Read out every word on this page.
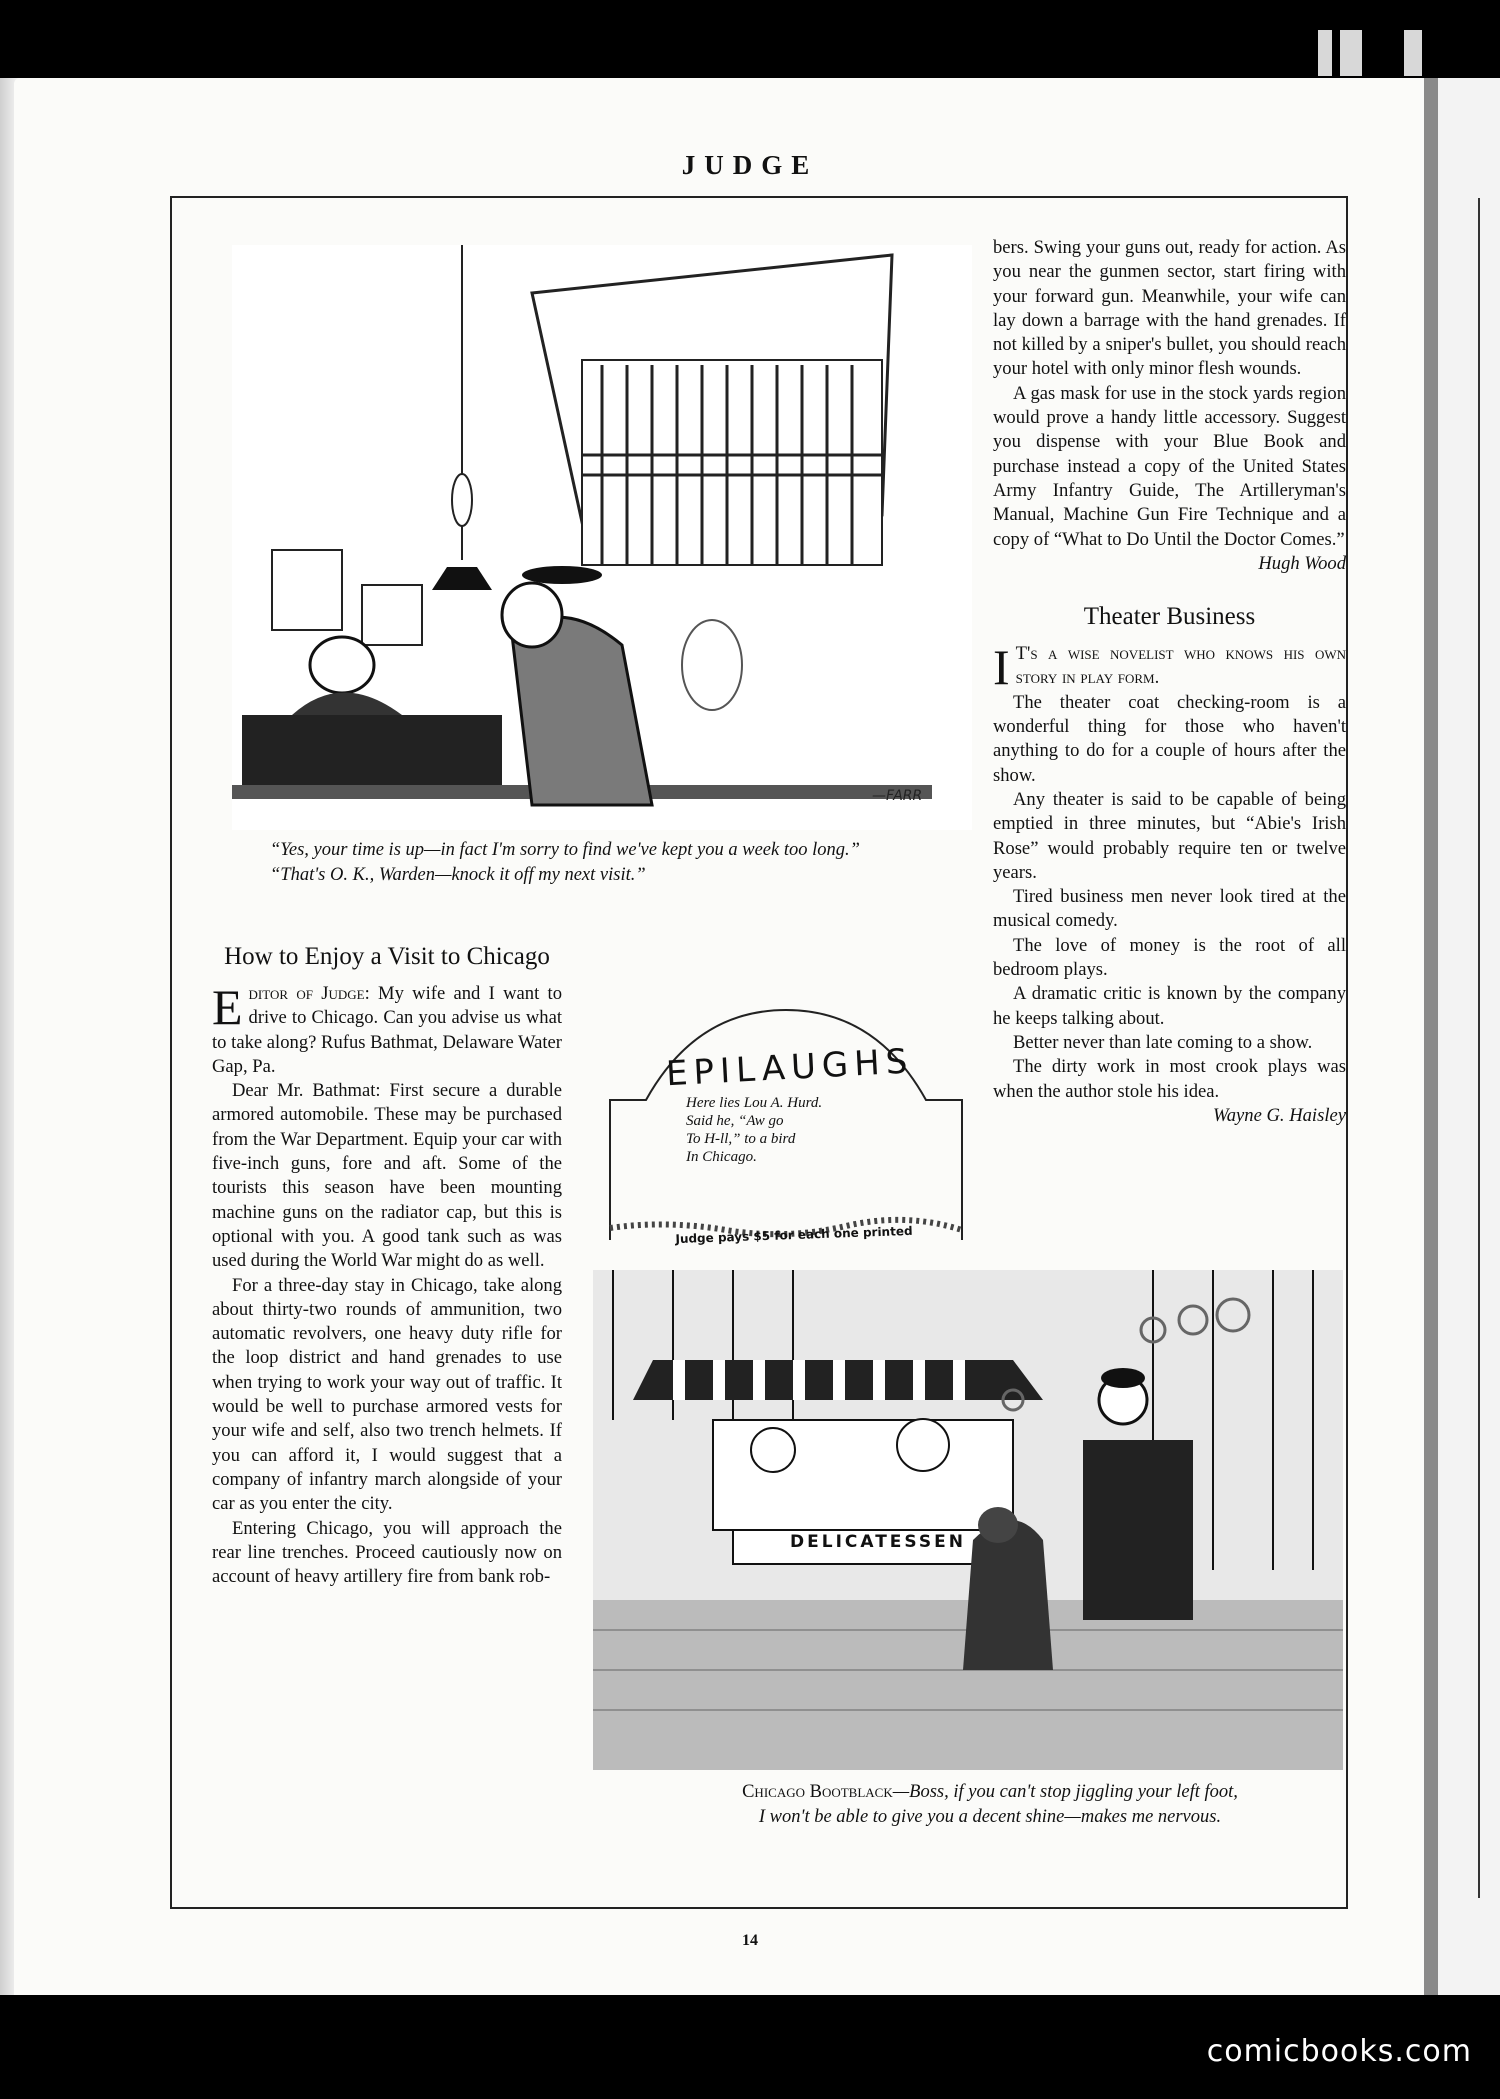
JUDGE
—FARR
“Yes, your time is up—in fact I'm sorry to find we've kept you a week too long.”
“That's O. K., Warden—knock it off my next visit.”

bers. Swing your guns out, ready for action. As you near the gunmen sector, start firing with your forward gun. Meanwhile, your wife can lay down a barrage with the hand grenades. If not killed by a sniper's bullet, you should reach your hotel with only minor flesh wounds.

A gas mask for use in the stock yards region would prove a handy little accessory. Suggest you dispense with your Blue Book and purchase instead a copy of the United States Army Infantry Guide, The Artilleryman's Manual, Machine Gun Fire Technique and a copy of “What to Do Until the Doctor Comes.”

Hugh Wood
Theater Business

I T's a wise novelist who knows his own story in play form.

The theater coat checking-room is a wonderful thing for those who haven't anything to do for a couple of hours after the show.

Any theater is said to be capable of being emptied in three minutes, but “Abie's Irish Rose” would probably require ten or twelve years.

Tired business men never look tired at the musical comedy.

The love of money is the root of all bedroom plays.

A dramatic critic is known by the company he keeps talking about.

Better never than late coming to a show.

The dirty work in most crook plays was when the author stole his idea.

Wayne G. Haisley
How to Enjoy a Visit to Chicago

Editor of Judge: My wife and I want to drive to Chicago. Can you advise us what to take along? Rufus Bathmat, Delaware Water Gap, Pa.

Dear Mr. Bathmat: First secure a durable armored automobile. These may be purchased from the War Department. Equip your car with five-inch guns, fore and aft. Some of the tourists this season have been mounting machine guns on the radiator cap, but this is optional with you. A good tank such as was used during the World War might do as well.

For a three-day stay in Chicago, take along about thirty-two rounds of ammunition, two automatic revolvers, one heavy duty rifle for the loop district and hand grenades to use when trying to work your way out of traffic. It would be well to purchase armored vests for your wife and self, also two trench helmets. If you can afford it, I would suggest that a company of infantry march alongside of your car as you enter the city.

Entering Chicago, you will approach the rear line trenches. Proceed cautiously now on account of heavy artillery fire from bank rob-

EPILAUGHS
Here lies Lou A. Hurd.
Said he, “Aw go
To H-ll,” to a bird
In Chicago.
Judge pays $5 for each one printed
DELICATESSEN
Chicago Bootblack—Boss, if you can't stop jiggling your left foot,
I won't be able to give you a decent shine—makes me nervous.
14
comicbooks.com
